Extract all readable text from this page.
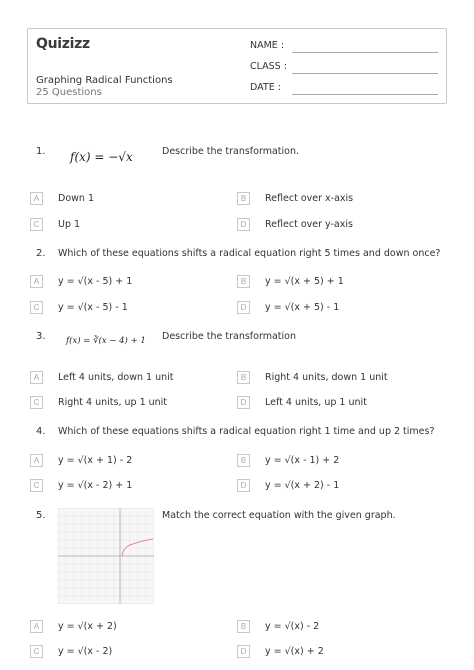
Quizizz
Graphing Radical Functions
25 Questions
NAME :
CLASS :
DATE :
1. f(x) = −√x	Describe the transformation.
A	Down 1	B	Reflect over x-axis
C	Up 1	D	Reflect over y-axis
2. Which of these equations shifts a radical equation right 5 times and down once?
A	y = √(x - 5) + 1	B	y = √(x + 5) + 1
C	y = √(x - 5) - 1	D	y = √(x + 5) - 1
3. f(x) = ∛(x − 4) + 1 Describe the transformation
A	Left 4 units, down 1 unit	B	Right 4 units, down 1 unit
C	Right 4 units, up 1 unit	D	Left 4 units, up 1 unit
4. Which of these equations shifts a radical equation right 1 time and up 2 times?
A	y = √(x + 1) - 2	B	y = √(x - 1) + 2
C	y = √(x - 2) + 1	D	y = √(x + 2) - 1
5.	Match the correct equation with the given graph.
A	y = √(x + 2)	B	y = √(x) - 2
C	y = √(x - 2)	D	y = √(x) + 2
